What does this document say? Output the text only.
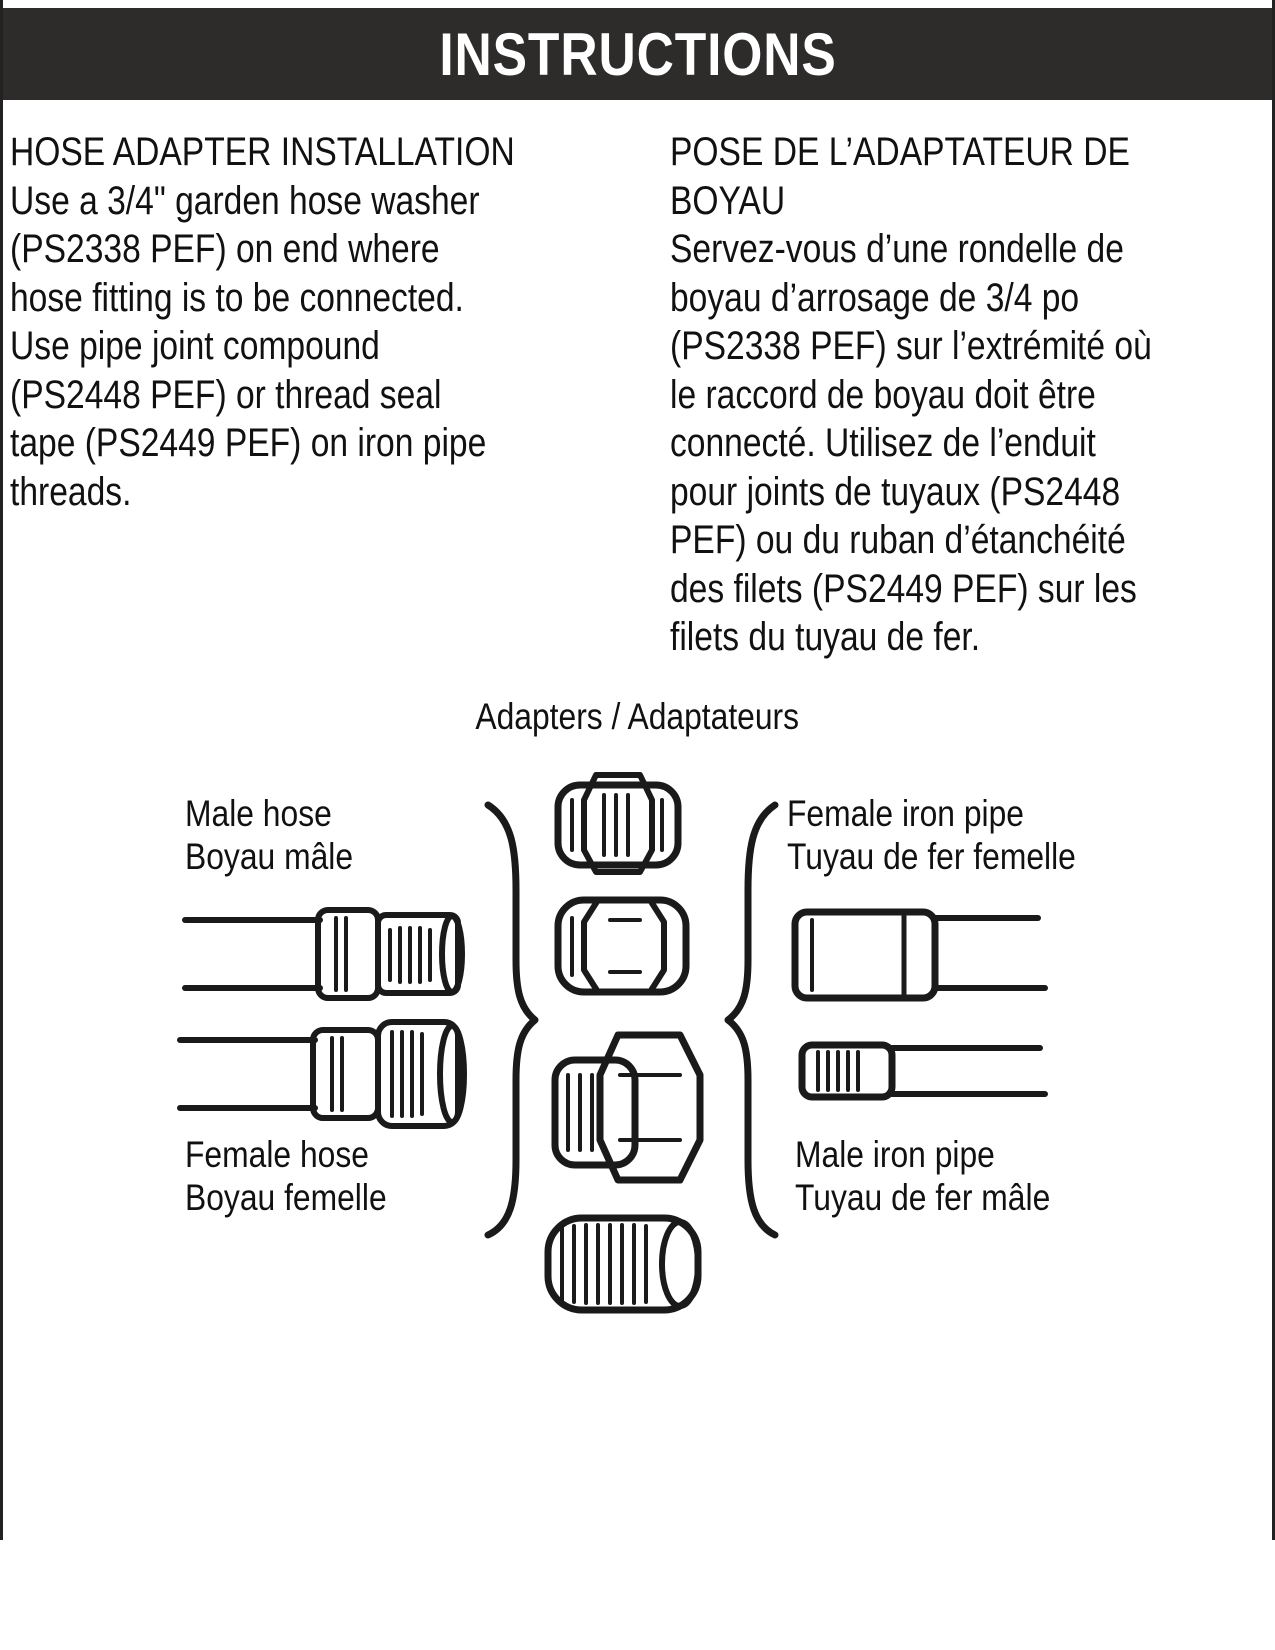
INSTRUCTIONS
HOSE ADAPTER INSTALLATION
Use a 3/4" garden hose washer
(PS2338 PEF) on end where
hose fitting is to be connected.
Use pipe joint compound
(PS2448 PEF) or thread seal
tape (PS2449 PEF) on iron pipe
threads.
POSE DE L’ADAPTATEUR DE
BOYAU
Servez-vous d’une rondelle de
boyau d’arrosage de 3/4 po
(PS2338 PEF) sur l’extrémité où
le raccord de boyau doit être
connecté. Utilisez de l’enduit
pour joints de tuyaux (PS2448
PEF) ou du ruban d’étanchéité
des filets (PS2449 PEF) sur les
filets du tuyau de fer.
Adapters / Adaptateurs
Male hose
Boyau mâle
Female hose
Boyau femelle
Female iron pipe
Tuyau de fer femelle
Male iron pipe
Tuyau de fer mâle
